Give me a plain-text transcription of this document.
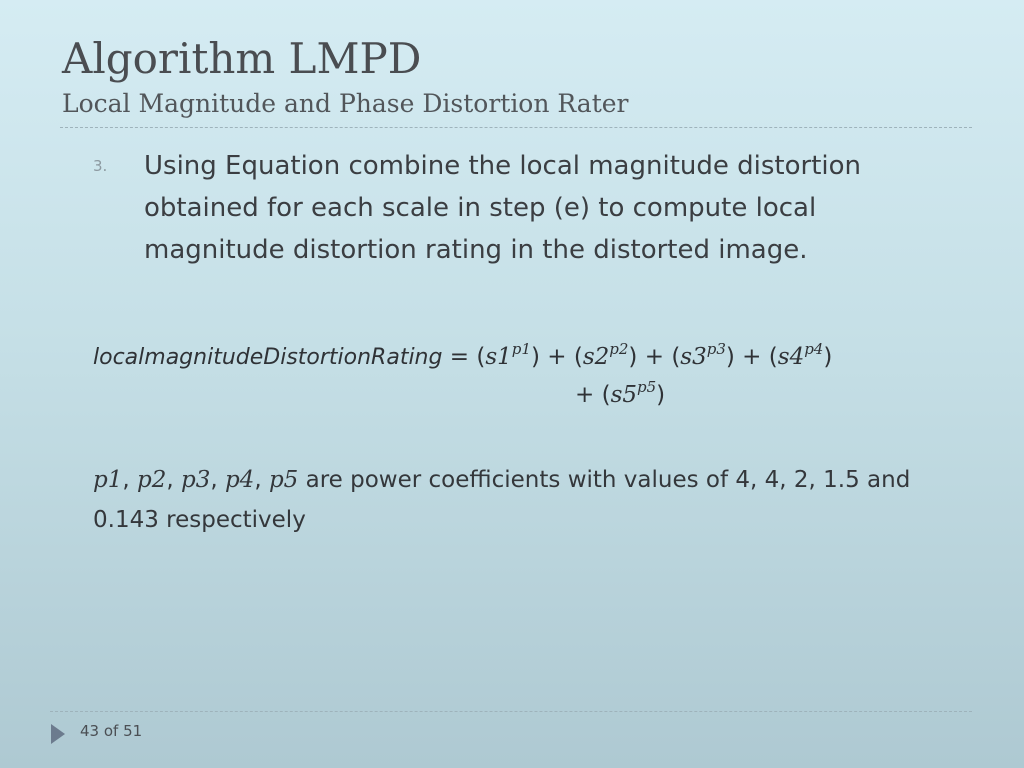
Algorithm LMPD
Local Magnitude and Phase Distortion Rater
3. Using Equation combine the local magnitude distortion obtained for each scale in step (e) to compute local magnitude distortion rating in the distorted image.

localmagnitudeDistortionRating = $(s1^{p1}) + (s2^{p2}) + (s3^{p3}) + (s4^{p4})$
+ $(s5^{p5})$

p1, p2, p3, p4, p5 are power coefficients with values of 4, 4, 2, 1.5 and 0.143 respectively

43 of 51
